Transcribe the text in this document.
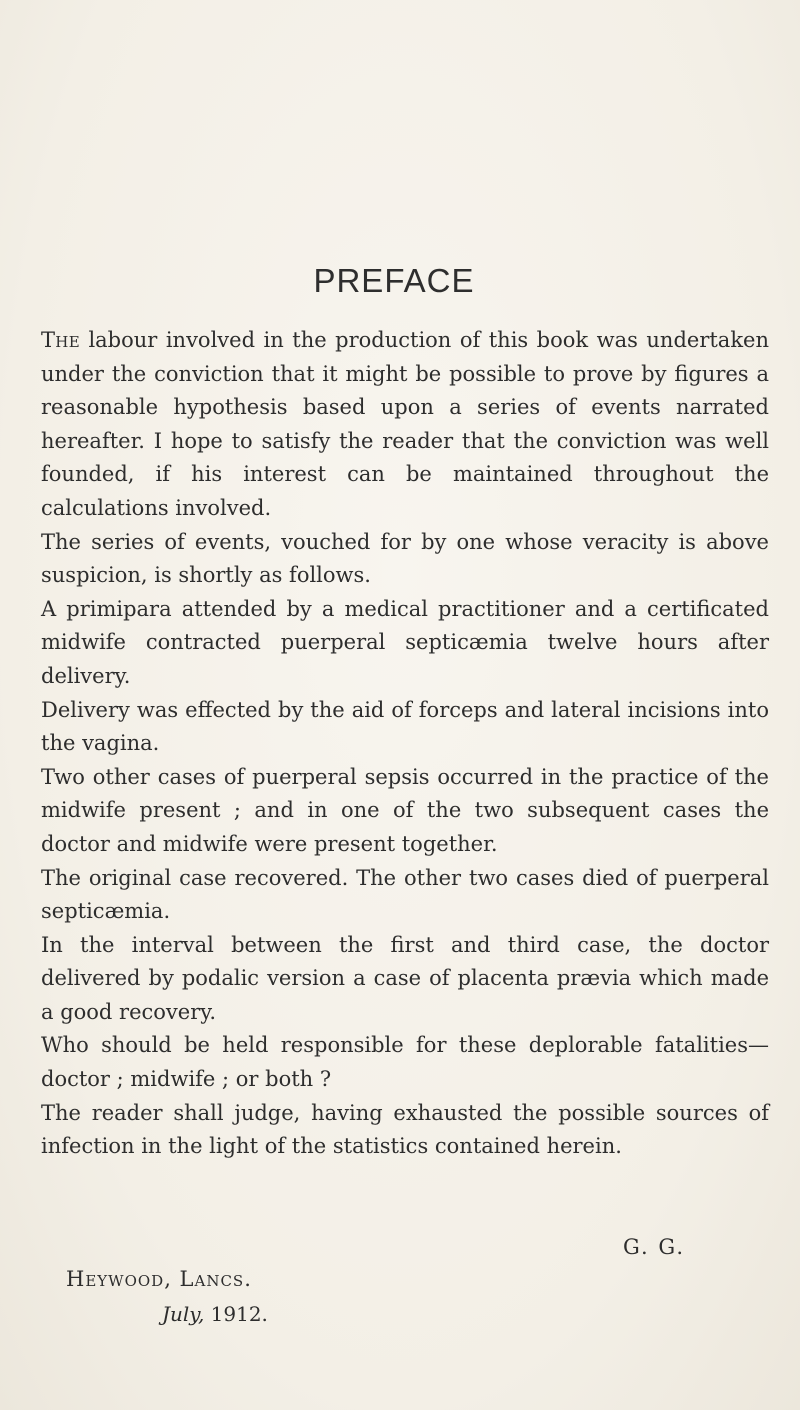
PREFACE

The labour involved in the production of this book was undertaken under the conviction that it might be possible to prove by figures a reasonable hypothesis based upon a series of events narrated hereafter. I hope to satisfy the reader that the conviction was well founded, if his interest can be maintained throughout the calculations involved.

The series of events, vouched for by one whose veracity is above suspicion, is shortly as follows.

A primipara attended by a medical practitioner and a certificated midwife contracted puerperal septicæmia twelve hours after delivery.

Delivery was effected by the aid of forceps and lateral incisions into the vagina.

Two other cases of puerperal sepsis occurred in the practice of the midwife present ; and in one of the two subsequent cases the doctor and midwife were present together.

The original case recovered. The other two cases died of puerperal septicæmia.

In the interval between the first and third case, the doctor delivered by podalic version a case of placenta prævia which made a good recovery.

Who should be held responsible for these deplorable fatalities—doctor ; midwife ; or both ?

The reader shall judge, having exhausted the possible sources of infection in the light of the statistics contained herein.

G. G.
Heywood, Lancs.
July, 1912.
